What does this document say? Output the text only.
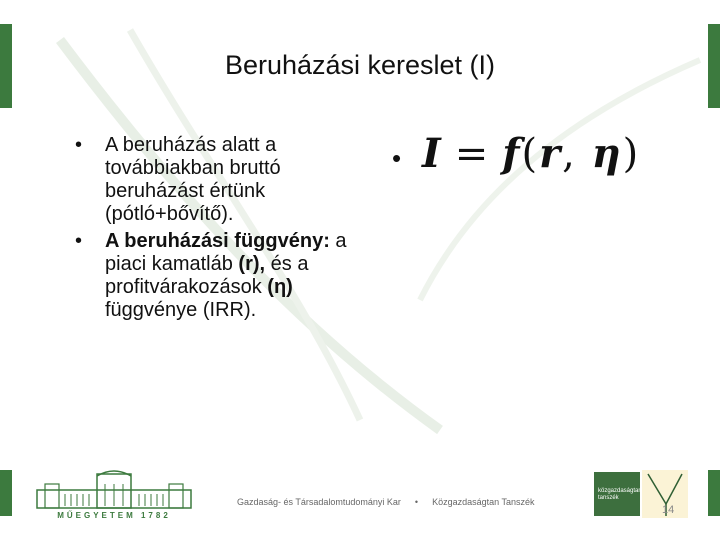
Beruházási kereslet (I)
• A beruházás alatt a továbbiakban bruttó beruházást értünk (pótló+bővítő).
• A beruházási függvény: a piaci kamatláb (r), és a profitvárakozások (η) függvénye (IRR).
• I = f(r, η)
MŰEGYETEM 1782
Gazdaság- és Társadalomtudományi Kar • Közgazdaságtan Tanszék
közgazdaságtan tanszék
14
